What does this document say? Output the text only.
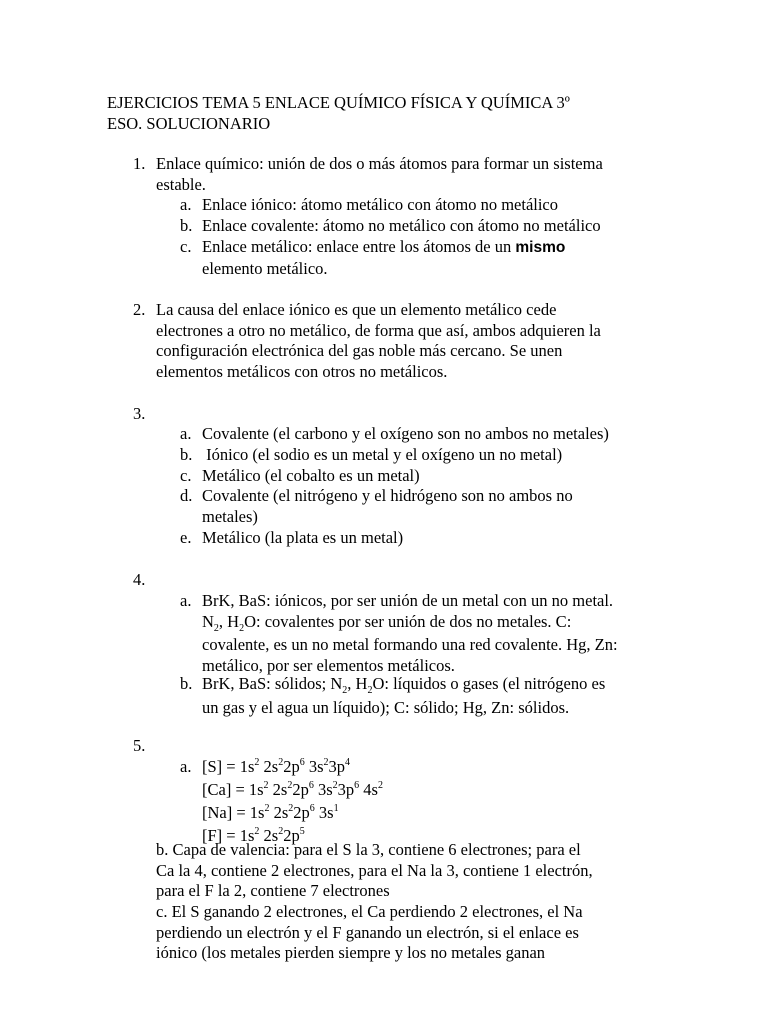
EJERCICIOS TEMA 5 ENLACE QUÍMICO FÍSICA Y QUÍMICA 3º
ESO. SOLUCIONARIO
1. Enlace químico: unión de dos o más átomos para formar un sistema
estable.
a. Enlace iónico: átomo metálico con átomo no metálico
b. Enlace covalente: átomo no metálico con átomo no metálico
c. Enlace metálico: enlace entre los átomos de un mismo
elemento metálico.
2. La causa del enlace iónico es que un elemento metálico cede
electrones a otro no metálico, de forma que así, ambos adquieren la
configuración electrónica del gas noble más cercano. Se unen
elementos metálicos con otros no metálicos.
3.
a. Covalente (el carbono y el oxígeno son no ambos no metales)
b. Iónico (el sodio es un metal y el oxígeno un no metal)
c. Metálico (el cobalto es un metal)
d. Covalente (el nitrógeno y el hidrógeno son no ambos no
metales)
e. Metálico (la plata es un metal)
4.
a. BrK, BaS: iónicos, por ser unión de un metal con un no metal.
$N_2$, $H_2O$: covalentes por ser unión de dos no metales. C:
covalente, es un no metal formando una red covalente. Hg, Zn:
metálico, por ser elementos metálicos.
b. BrK, BaS: sólidos; $N_2$, $H_2O$: líquidos o gases (el nitrógeno es
un gas y el agua un líquido); C: sólido; Hg, Zn: sólidos.
5.
a. $[S] = 1s^2$ $2s^22p^6$ $3s^23p^4$
$[Ca] = 1s^2$ $2s^22p^6$ $3s^23p^6$ $4s^2$
$[Na] = 1s^2$ $2s^22p^6$ $3s^1$
$[F] = 1s^2$ $2s^22p^5$
b. Capa de valencia: para el S la 3, contiene 6 electrones; para el
Ca la 4, contiene 2 electrones, para el Na la 3, contiene 1 electrón,
para el F la 2, contiene 7 electrones
c. El S ganando 2 electrones, el Ca perdiendo 2 electrones, el Na
perdiendo un electrón y el F ganando un electrón, si el enlace es
iónico (los metales pierden siempre y los no metales ganan
